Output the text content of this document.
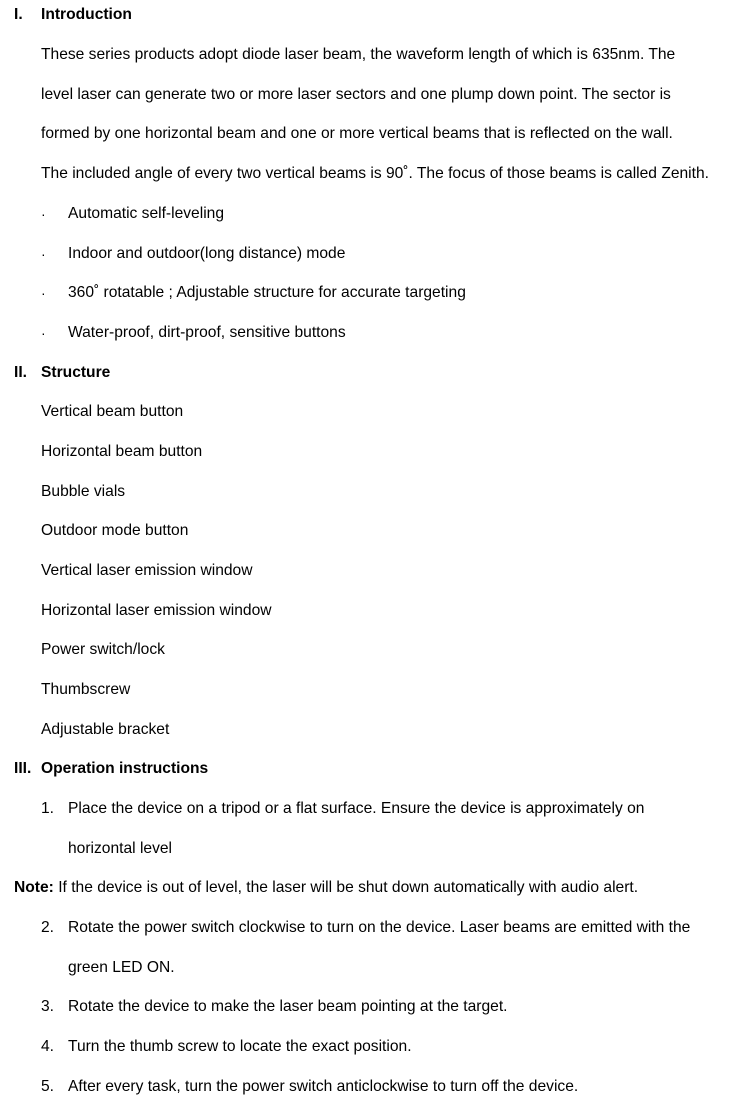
I. Introduction
These series products adopt diode laser beam, the waveform length of which is 635nm. The
level laser can generate two or more laser sectors and one plump down point. The sector is
formed by one horizontal beam and one or more vertical beams that is reflected on the wall.
The included angle of every two vertical beams is 90˚. The focus of those beams is called Zenith.
· Automatic self-leveling
· Indoor and outdoor(long distance) mode
· 360˚ rotatable ; Adjustable structure for accurate targeting
· Water-proof, dirt-proof, sensitive buttons
II. Structure
Vertical beam button
Horizontal beam button
Bubble vials
Outdoor mode button
Vertical laser emission window
Horizontal laser emission window
Power switch/lock
Thumbscrew
Adjustable bracket
III. Operation instructions
1. Place the device on a tripod or a flat surface. Ensure the device is approximately on
horizontal level
Note: If the device is out of level, the laser will be shut down automatically with audio alert.
2. Rotate the power switch clockwise to turn on the device. Laser beams are emitted with the
green LED ON.
3. Rotate the device to make the laser beam pointing at the target.
4. Turn the thumb screw to locate the exact position.
5. After every task, turn the power switch anticlockwise to turn off the device.
